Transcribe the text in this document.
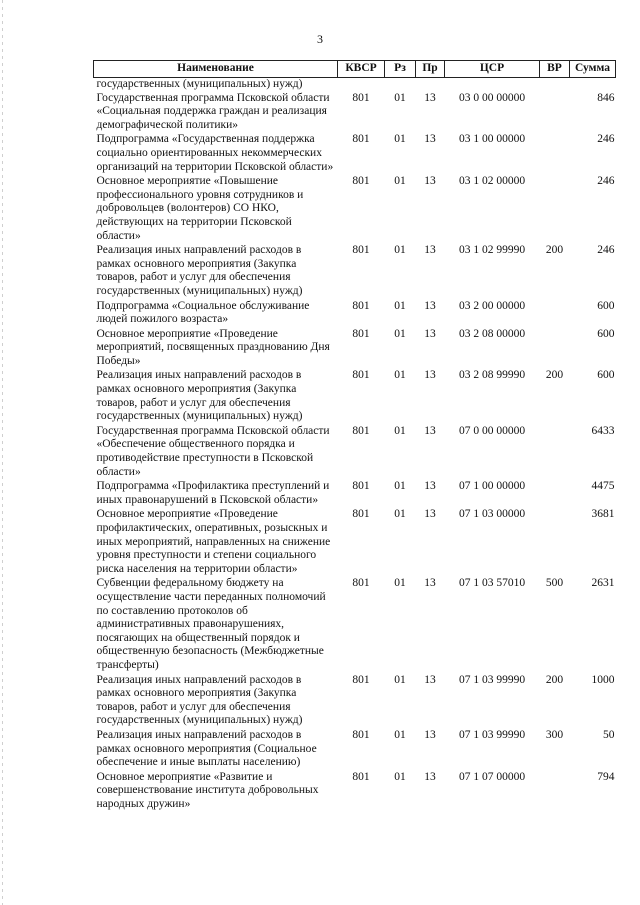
3
Наименование	КВСР	Рз	Пр	ЦСР	ВР	Сумма
государственных (муниципальных) нужд)						
Государственная программа Псковской области «Социальная поддержка граждан и реализация демографической политики»	801	01	13	03 0 00 00000		846
Подпрограмма «Государственная поддержка социально ориентированных некоммерческих организаций на территории Псковской области»	801	01	13	03 1 00 00000		246
Основное мероприятие «Повышение профессионального уровня сотрудников и добровольцев (волонтеров) СО НКО, действующих на территории Псковской области»	801	01	13	03 1 02 00000		246
Реализация иных направлений расходов в рамках основного мероприятия (Закупка товаров, работ и услуг для обеспечения государственных (муниципальных) нужд)	801	01	13	03 1 02 99990	200	246
Подпрограмма «Социальное обслуживание людей пожилого возраста»	801	01	13	03 2 00 00000		600
Основное мероприятие «Проведение мероприятий, посвященных празднованию Дня Победы»	801	01	13	03 2 08 00000		600
Реализация иных направлений расходов в рамках основного мероприятия (Закупка товаров, работ и услуг для обеспечения государственных (муниципальных) нужд)	801	01	13	03 2 08 99990	200	600
Государственная программа Псковской области «Обеспечение общественного порядка и противодействие преступности в Псковской области»	801	01	13	07 0 00 00000		6433
Подпрограмма «Профилактика преступлений и иных правонарушений в Псковской области»	801	01	13	07 1 00 00000		4475
Основное мероприятие «Проведение профилактических, оперативных, розыскных и иных мероприятий, направленных на снижение уровня преступности и степени социального риска населения на территории области»	801	01	13	07 1 03 00000		3681
Субвенции федеральному бюджету на осуществление части переданных полномочий по составлению протоколов об административных правонарушениях, посягающих на общественный порядок и общественную безопасность (Межбюджетные трансферты)	801	01	13	07 1 03 57010	500	2631
Реализация иных направлений расходов в рамках основного мероприятия (Закупка товаров, работ и услуг для обеспечения государственных (муниципальных) нужд)	801	01	13	07 1 03 99990	200	1000
Реализация иных направлений расходов в рамках основного мероприятия (Социальное обеспечение и иные выплаты населению)	801	01	13	07 1 03 99990	300	50
Основное мероприятие «Развитие и совершенствование института добровольных народных дружин»	801	01	13	07 1 07 00000		794
